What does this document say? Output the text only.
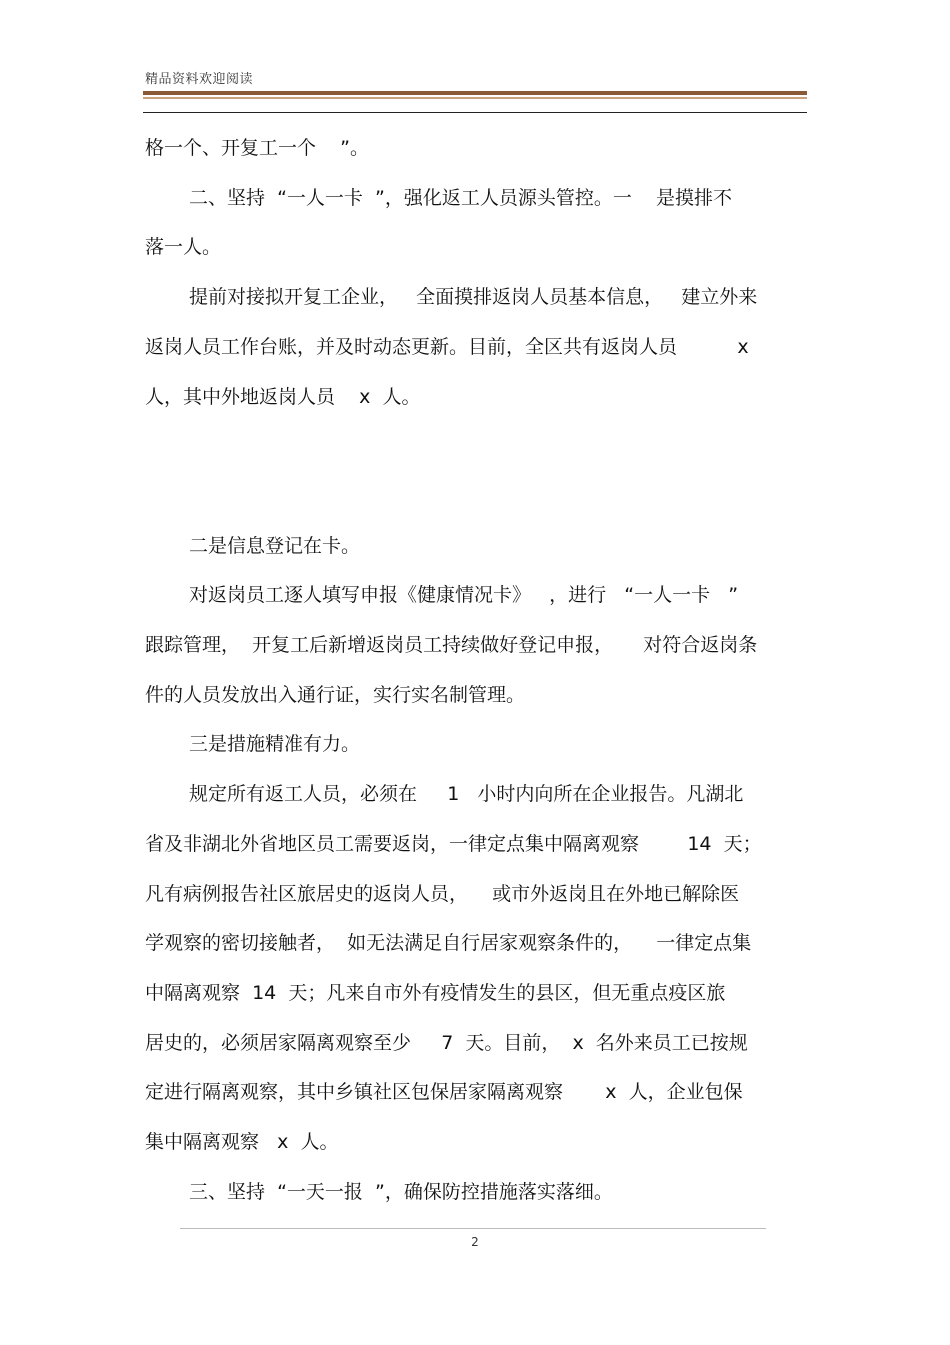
精品资料欢迎阅读

格一个、开复工一个    ”。

二、坚持  “一人一卡  ”，强化返工人员源头管控。一    是摸排不

落一人。

提前对接拟开复工企业，   全面摸排返岗人员基本信息，   建立外来

返岗人员工作台账，并及时动态更新。目前，全区共有返岗人员          x

人，其中外地返岗人员    x  人。

二是信息登记在卡。

对返岗员工逐人填写申报《健康情况卡》   ，进行   “一人一卡   ”

跟踪管理，  开复工后新增返岗员工持续做好登记申报，     对符合返岗条

件的人员发放出入通行证，实行实名制管理。

三是措施精准有力。

规定所有返工人员，必须在     1   小时内向所在企业报告。凡湖北

省及非湖北外省地区员工需要返岗，一律定点集中隔离观察        14  天；

凡有病例报告社区旅居史的返岗人员，    或市外返岗且在外地已解除医

学观察的密切接触者，  如无法满足自行居家观察条件的，    一律定点集

中隔离观察  14  天；凡来自市外有疫情发生的县区，但无重点疫区旅

居史的，必须居家隔离观察至少     7  天。目前，  x  名外来员工已按规

定进行隔离观察，其中乡镇社区包保居家隔离观察       x  人，企业包保

集中隔离观察   x  人。

三、坚持  “一天一报  ”，确保防控措施落实落细。

2
